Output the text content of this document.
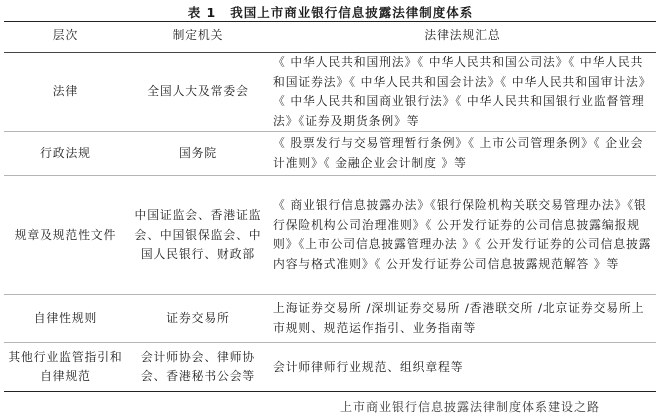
表 1 我国上市商业银行信息披露法律制度体系
层次	制定机关	法律法规汇总
法律	全国人大及常委会	《 中华人民共和国刑法》《 中华人民共和国公司法》《 中华人民共和国证券法》《 中华人民共和国会计法》《 中华人民共和国审计法》《 中华人民共和国商业银行法》《 中华人民共和国银行业监督管理法》《证券及期货条例》等
行政法规	国务院	《 股票发行与交易管理暂行条例》《 上市公司管理条例》《 企业会计准则》《 金融企业会计制度 》等
规章及规范性文件	中国证监会、香港证监会、中国银保监会、中国人民银行、财政部	《 商业银行信息披露办法》《银行保险机构关联交易管理办法》《银行保险机构公司治理准则》《 公开发行证券的公司信息披露编报规则》《上市公司信息披露管理办法 》《 公开发行证券的公司信息披露内容与格式准则》《 公开发行证券公司信息披露规范解答 》等
自律性规则	证券交易所	上海证券交易所 /深圳证券交易所 /香港联交所 /北京证券交易所上市规则、规范运作指引、业务指南等
其他行业监管指引和自律规范	会计师协会、律师协会、香港秘书公会等	会计师律师行业规范、组织章程等
上市商业银行信息披露法律制度体系建设之路
